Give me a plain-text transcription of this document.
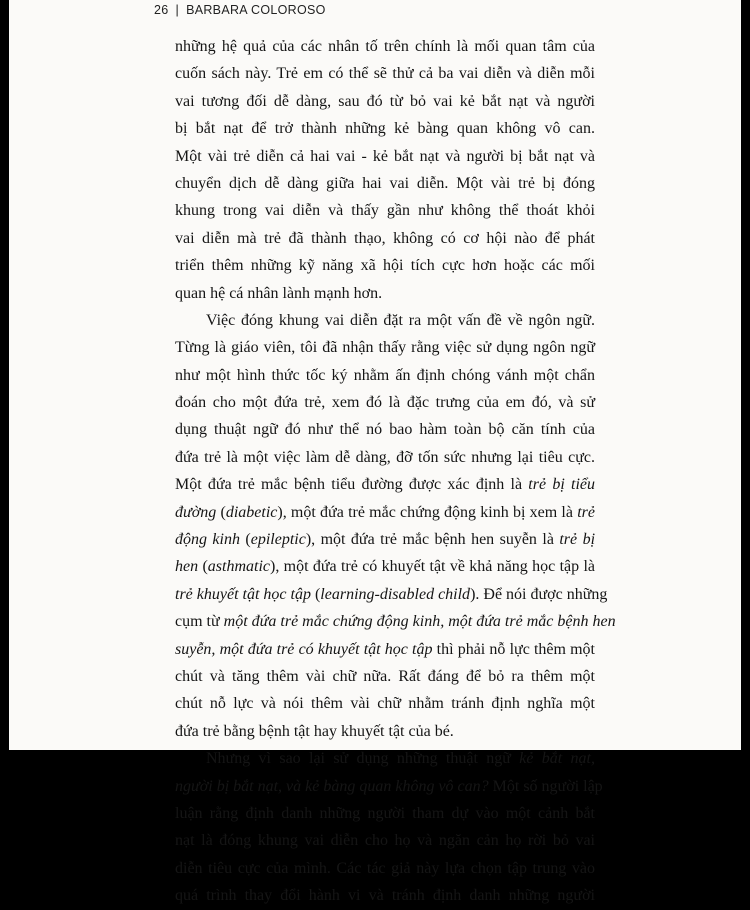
26 | BARBARA COLOROSO
những hệ quả của các nhân tố trên chính là mối quan tâm của
cuốn sách này. Trẻ em có thể sẽ thử cả ba vai diễn và diễn mỗi
vai tương đối dễ dàng, sau đó từ bỏ vai kẻ bắt nạt và người
bị bắt nạt để trở thành những kẻ bàng quan không vô can.
Một vài trẻ diễn cả hai vai - kẻ bắt nạt và người bị bắt nạt và
chuyển dịch dễ dàng giữa hai vai diễn. Một vài trẻ bị đóng
khung trong vai diễn và thấy gần như không thể thoát khỏi
vai diễn mà trẻ đã thành thạo, không có cơ hội nào để phát
triển thêm những kỹ năng xã hội tích cực hơn hoặc các mối
quan hệ cá nhân lành mạnh hơn.
Việc đóng khung vai diễn đặt ra một vấn đề về ngôn ngữ.
Từng là giáo viên, tôi đã nhận thấy rằng việc sử dụng ngôn ngữ
như một hình thức tốc ký nhằm ấn định chóng vánh một chẩn
đoán cho một đứa trẻ, xem đó là đặc trưng của em đó, và sử
dụng thuật ngữ đó như thể nó bao hàm toàn bộ căn tính của
đứa trẻ là một việc làm dễ dàng, đỡ tốn sức nhưng lại tiêu cực.
Một đứa trẻ mắc bệnh tiểu đường được xác định là trẻ bị tiểu
đường (diabetic), một đứa trẻ mắc chứng động kinh bị xem là trẻ
động kinh (epileptic), một đứa trẻ mắc bệnh hen suyễn là trẻ bị
hen (asthmatic), một đứa trẻ có khuyết tật về khả năng học tập là
trẻ khuyết tật học tập (learning-disabled child). Để nói được những
cụm từ một đứa trẻ mắc chứng động kinh, một đứa trẻ mắc bệnh hen
suyễn, một đứa trẻ có khuyết tật học tập thì phải nỗ lực thêm một
chút và tăng thêm vài chữ nữa. Rất đáng để bỏ ra thêm một
chút nỗ lực và nói thêm vài chữ nhằm tránh định nghĩa một
đứa trẻ bằng bệnh tật hay khuyết tật của bé.
Nhưng vì sao lại sử dụng những thuật ngữ kẻ bắt nạt,
người bị bắt nạt, và kẻ bàng quan không vô can? Một số người lập
luận rằng định danh những người tham dự vào một cảnh bắt
nạt là đóng khung vai diễn cho họ và ngăn cản họ rời bỏ vai
diễn tiêu cực của mình. Các tác giả này lựa chọn tập trung vào
quá trình thay đổi hành vi và tránh định danh những người
